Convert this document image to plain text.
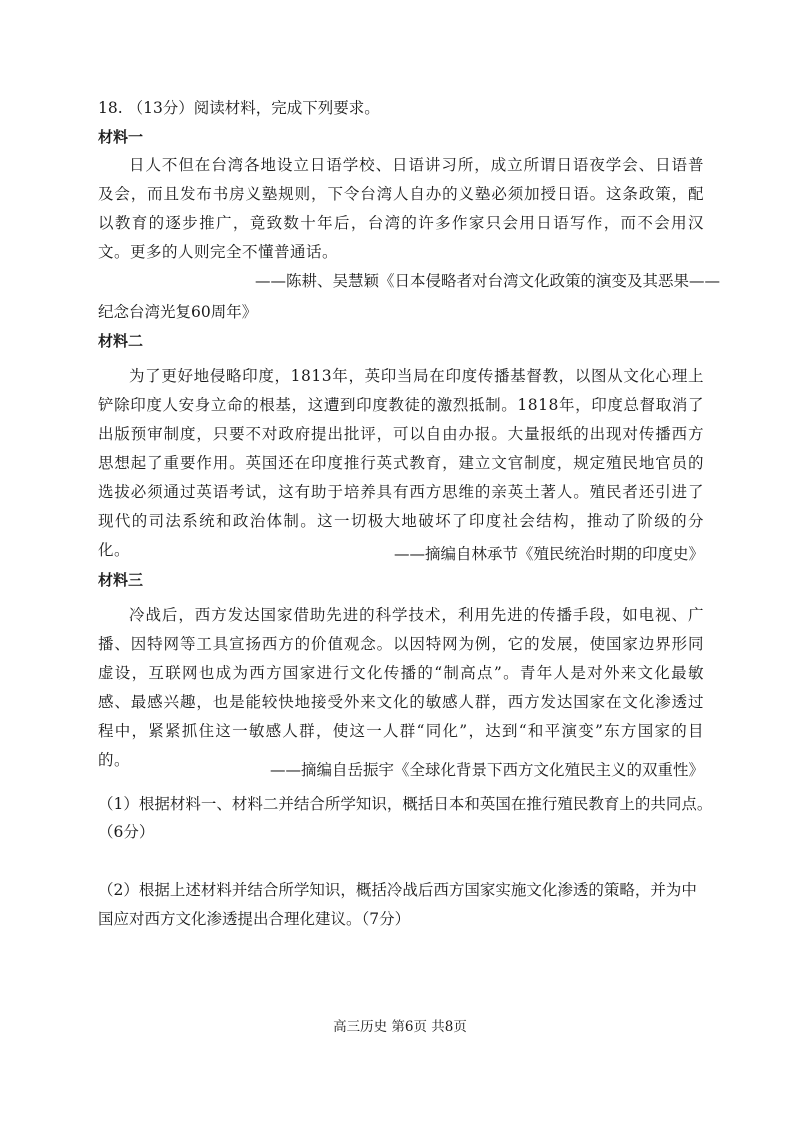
18. （13分）阅读材料，完成下列要求。
材料一
日人不但在台湾各地设立日语学校、日语讲习所，成立所谓日语夜学会、日语普及会，而且发布书房义塾规则，下令台湾人自办的义塾必须加授日语。这条政策，配以教育的逐步推广，竟致数十年后，台湾的许多作家只会用日语写作，而不会用汉文。更多的人则完全不懂普通话。
——陈耕、吴慧颖《日本侵略者对台湾文化政策的演变及其恶果——
纪念台湾光复60周年》
材料二
为了更好地侵略印度，1813年，英印当局在印度传播基督教，以图从文化心理上铲除印度人安身立命的根基，这遭到印度教徒的激烈抵制。1818年，印度总督取消了出版预审制度，只要不对政府提出批评，可以自由办报。大量报纸的出现对传播西方思想起了重要作用。英国还在印度推行英式教育，建立文官制度，规定殖民地官员的选拔必须通过英语考试，这有助于培养具有西方思维的亲英土著人。殖民者还引进了现代的司法系统和政治体制。这一切极大地破坏了印度社会结构，推动了阶级的分化。	——摘编自林承节《殖民统治时期的印度史》
材料三
冷战后，西方发达国家借助先进的科学技术，利用先进的传播手段，如电视、广播、因特网等工具宣扬西方的价值观念。以因特网为例，它的发展，使国家边界形同虚设，互联网也成为西方国家进行文化传播的“制高点”。青年人是对外来文化最敏感、最感兴趣，也是能较快地接受外来文化的敏感人群，西方发达国家在文化渗透过程中，紧紧抓住这一敏感人群，使这一人群“同化”，达到“和平演变”东方国家的目的。
——摘编自岳振宇《全球化背景下西方文化殖民主义的双重性》
（1）根据材料一、材料二并结合所学知识，概括日本和英国在推行殖民教育上的共同点。
（6分）
（2）根据上述材料并结合所学知识，概括冷战后西方国家实施文化渗透的策略，并为中
国应对西方文化渗透提出合理化建议。（7分）
高三历史 第6页 共8页
